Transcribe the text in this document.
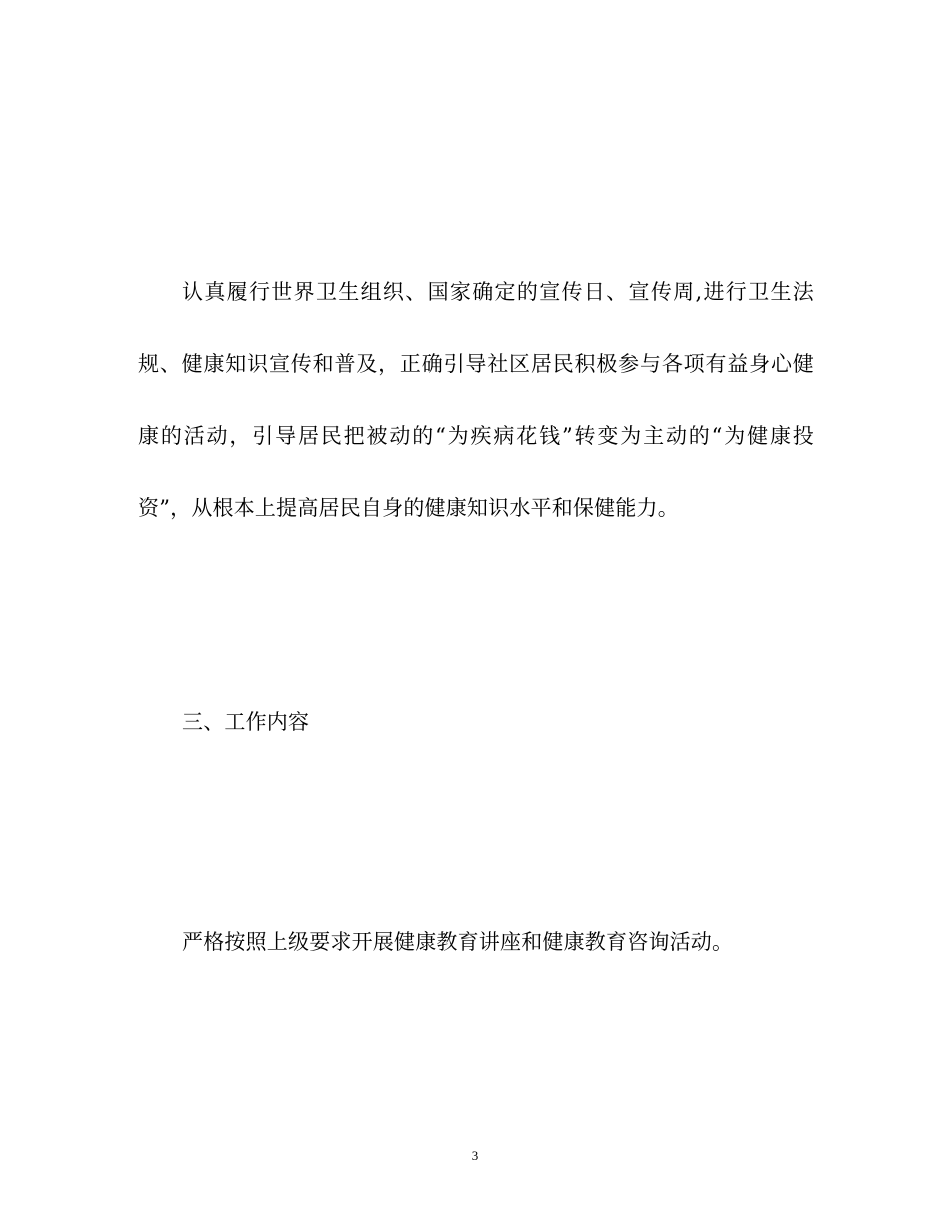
认真履行世界卫生组织、国家确定的宣传日、宣传周,进行卫生法规、健康知识宣传和普及，正确引导社区居民积极参与各项有益身心健康的活动，引导居民把被动的“为疾病花钱”转变为主动的“为健康投资”，从根本上提高居民自身的健康知识水平和保健能力。

三、工作内容

严格按照上级要求开展健康教育讲座和健康教育咨询活动。

3
